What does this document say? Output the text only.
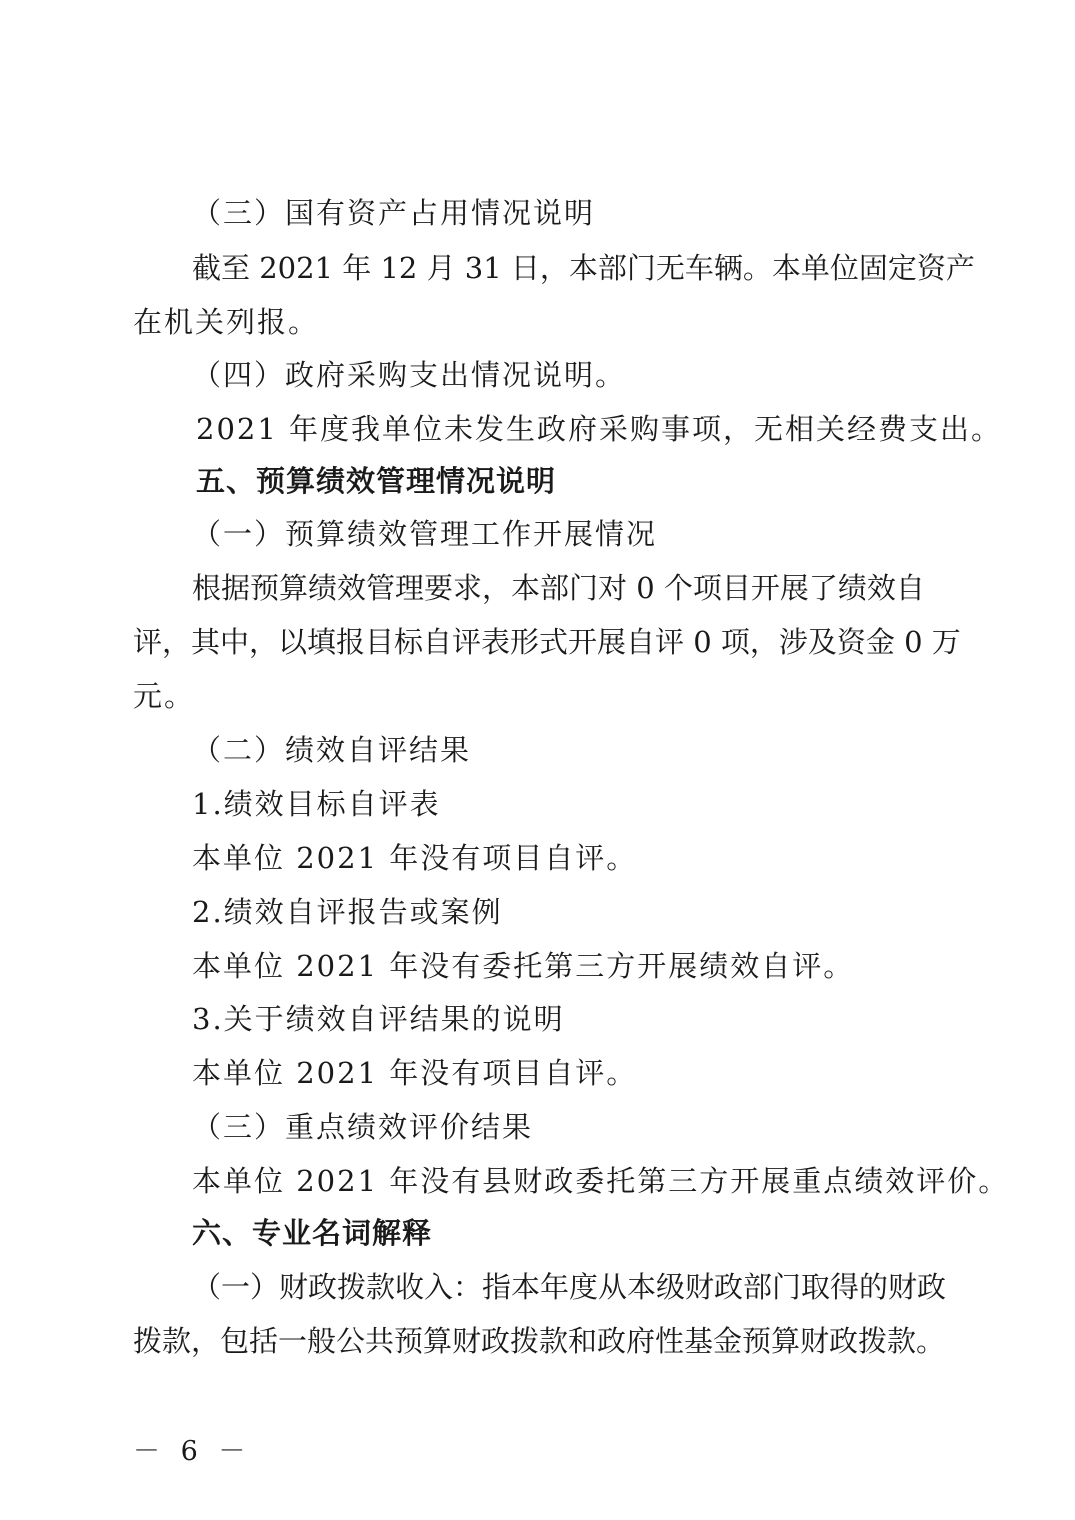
（三）国有资产占用情况说明
截至 2021 年 12 月 31 日，本部门无车辆。本单位固定资产
在机关列报。
（四）政府采购支出情况说明。
2021 年度我单位未发生政府采购事项，无相关经费支出。
五、预算绩效管理情况说明
（一）预算绩效管理工作开展情况
根据预算绩效管理要求，本部门对 0 个项目开展了绩效自
评，其中，以填报目标自评表形式开展自评 0 项，涉及资金 0 万
元。
（二）绩效自评结果
1.绩效目标自评表
本单位 2021 年没有项目自评。
2.绩效自评报告或案例
本单位 2021 年没有委托第三方开展绩效自评。
3.关于绩效自评结果的说明
本单位 2021 年没有项目自评。
（三）重点绩效评价结果
本单位 2021 年没有县财政委托第三方开展重点绩效评价。
六、专业名词解释
（一）财政拨款收入：指本年度从本级财政部门取得的财政
拨款，包括一般公共预算财政拨款和政府性基金预算财政拨款。
－ 6 －
